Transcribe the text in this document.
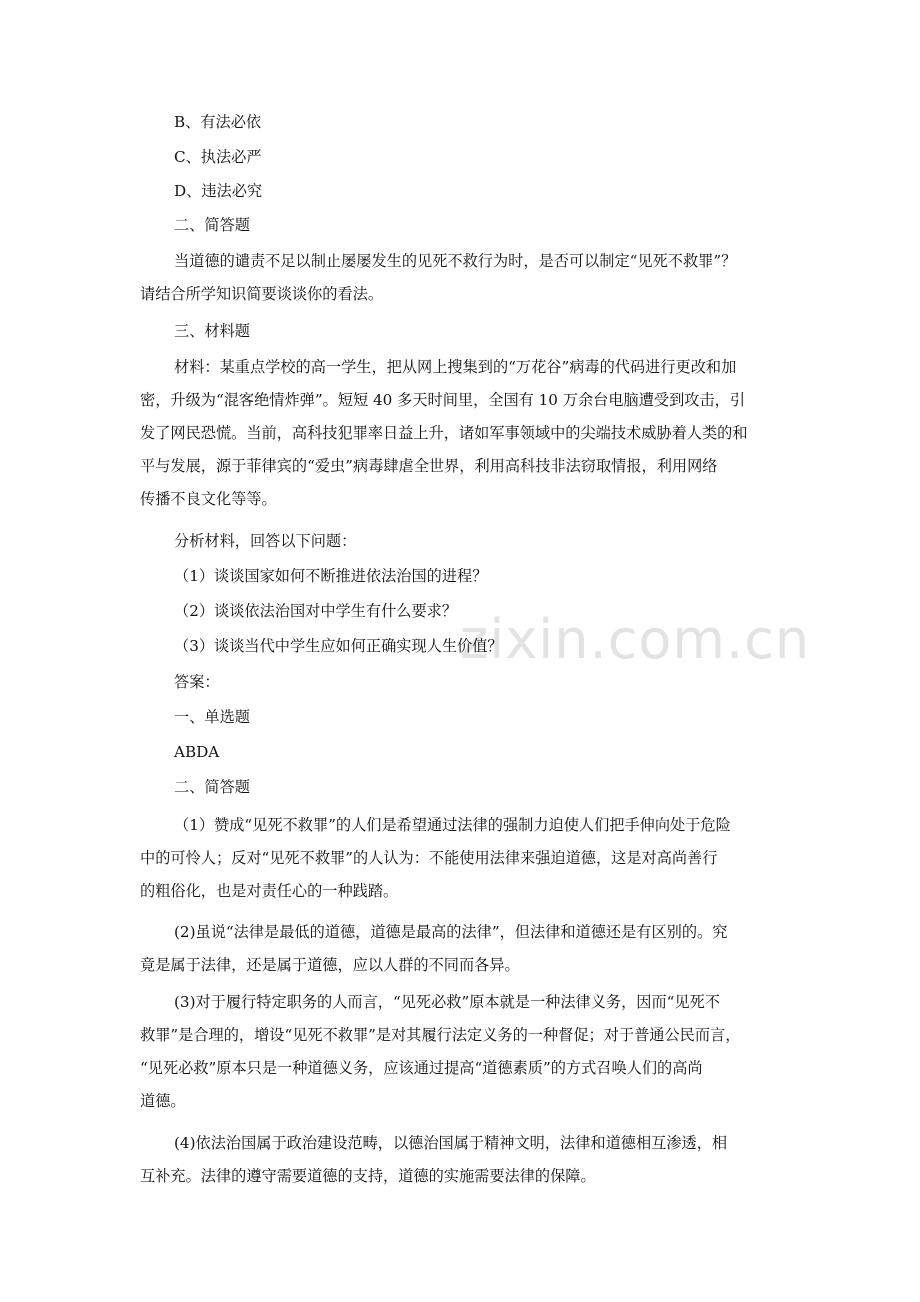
zixin.com.cn
B、有法必依
C、执法必严
D、违法必究
二、简答题
当道德的谴责不足以制止屡屡发生的见死不救行为时，是否可以制定“见死不救罪”？
请结合所学知识简要谈谈你的看法。
三、材料题
材料：某重点学校的高一学生，把从网上搜集到的“万花谷”病毒的代码进行更改和加
密，升级为“混客绝情炸弹”。短短 40 多天时间里，全国有 10 万余台电脑遭受到攻击，引
发了网民恐慌。当前，高科技犯罪率日益上升，诸如军事领域中的尖端技术威胁着人类的和
平与发展，源于菲律宾的“爱虫”病毒肆虐全世界，利用高科技非法窃取情报，利用网络
传播不良文化等等。
分析材料，回答以下问题：
（1）谈谈国家如何不断推进依法治国的进程？
（2）谈谈依法治国对中学生有什么要求？
（3）谈谈当代中学生应如何正确实现人生价值？
答案：
一、单选题
ABDA
二、简答题
（1）赞成“见死不救罪”的人们是希望通过法律的强制力迫使人们把手伸向处于危险
中的可怜人；反对“见死不救罪”的人认为：不能使用法律来强迫道德，这是对高尚善行
的粗俗化，也是对责任心的一种践踏。
(2)虽说“法律是最低的道德，道德是最高的法律”，但法律和道德还是有区别的。究
竟是属于法律，还是属于道德，应以人群的不同而各异。
(3)对于履行特定职务的人而言，“见死必救”原本就是一种法律义务，因而“见死不
救罪”是合理的，增设“见死不救罪”是对其履行法定义务的一种督促；对于普通公民而言，
“见死必救”原本只是一种道德义务，应该通过提高“道德素质”的方式召唤人们的高尚
道德。
(4)依法治国属于政治建设范畴，以德治国属于精神文明，法律和道德相互渗透，相
互补充。法律的遵守需要道德的支持，道德的实施需要法律的保障。
